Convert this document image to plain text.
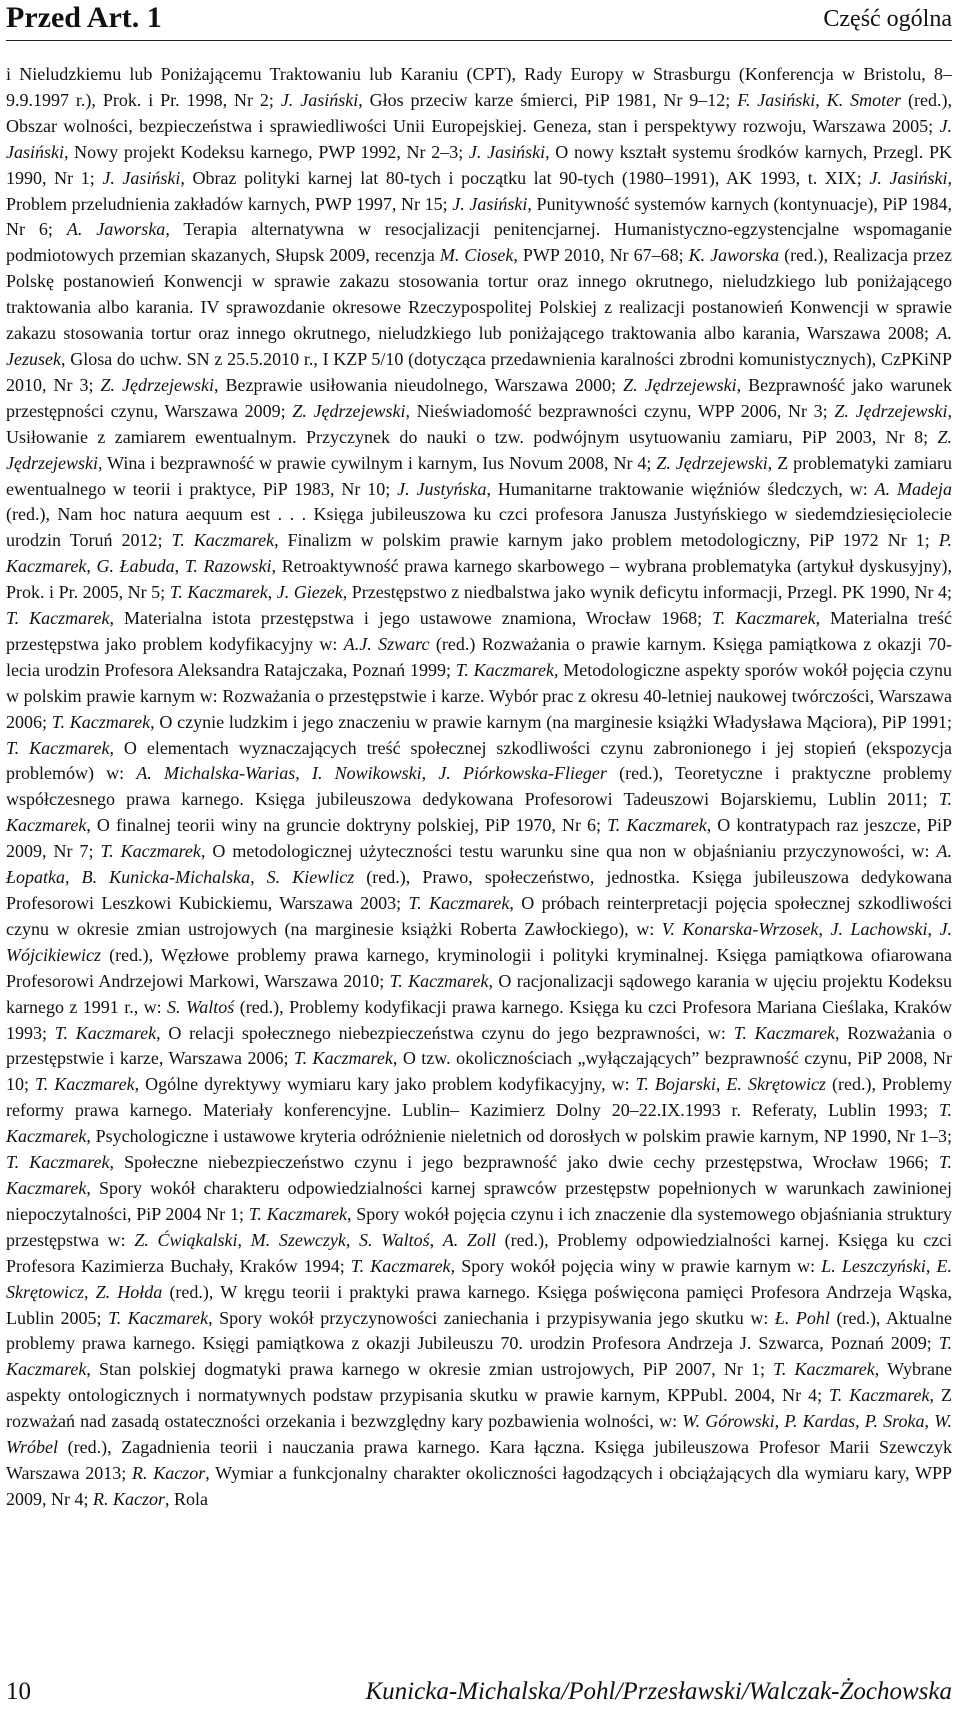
Przed Art. 1	Część ogólna

i Nieludzkiemu lub Poniżającemu Traktowaniu lub Karaniu (CPT), Rady Europy w Strasburgu (Konferencja w Bristolu, 8–9.9.1997 r.), Prok. i Pr. 1998, Nr 2; J. Jasiński, Głos przeciw karze śmierci, PiP 1981, Nr 9–12; F. Jasiński, K. Smoter (red.), Obszar wolności, bezpieczeństwa i sprawiedliwości Unii Europejskiej. Geneza, stan i perspektywy rozwoju, Warszawa 2005; J. Jasiński, Nowy projekt Kodeksu karnego, PWP 1992, Nr 2–3; J. Jasiński, O nowy kształt systemu środków karnych, Przegl. PK 1990, Nr 1; J. Jasiński, Obraz polityki karnej lat 80-tych i początku lat 90-tych (1980–1991), AK 1993, t. XIX; J. Jasiński, Problem przeludnienia zakładów karnych, PWP 1997, Nr 15; J. Jasiński, Punitywność systemów karnych (kontynuacje), PiP 1984, Nr 6; A. Jaworska, Terapia alternatywna w resocjalizacji penitencjarnej. Humanistyczno-egzystencjalne wspomaganie podmiotowych przemian skazanych, Słupsk 2009, recenzja M. Ciosek, PWP 2010, Nr 67–68; K. Jaworska (red.), Realizacja przez Polskę postanowień Konwencji w sprawie zakazu stosowania tortur oraz innego okrutnego, nieludzkiego lub poniżającego traktowania albo karania. IV sprawozdanie okresowe Rzeczypospolitej Polskiej z realizacji postanowień Konwencji w sprawie zakazu stosowania tortur oraz innego okrutnego, nieludzkiego lub poniżającego traktowania albo karania, Warszawa 2008; A. Jezusek, Glosa do uchw. SN z 25.5.2010 r., I KZP 5/10 (dotycząca przedawnienia karalności zbrodni komunistycznych), CzPKiNP 2010, Nr 3; Z. Jędrzejewski, Bezprawie usiłowania nieudolnego, Warszawa 2000; Z. Jędrzejewski, Bezprawność jako warunek przestępności czynu, Warszawa 2009; Z. Jędrzejewski, Nieświadomość bezprawności czynu, WPP 2006, Nr 3; Z. Jędrzejewski, Usiłowanie z zamiarem ewentualnym. Przyczynek do nauki o tzw. podwójnym usytuowaniu zamiaru, PiP 2003, Nr 8; Z. Jędrzejewski, Wina i bezprawność w prawie cywilnym i karnym, Ius Novum 2008, Nr 4; Z. Jędrzejewski, Z problematyki zamiaru ewentualnego w teorii i praktyce, PiP 1983, Nr 10; J. Justyńska, Humanitarne traktowanie więźniów śledczych, w: A. Madeja (red.), Nam hoc natura aequum est . . . Księga jubileuszowa ku czci profesora Janusza Justyńskiego w siedemdziesięciolecie urodzin Toruń 2012; T. Kaczmarek, Finalizm w polskim prawie karnym jako problem metodologiczny, PiP 1972 Nr 1; P. Kaczmarek, G. Łabuda, T. Razowski, Retroaktywność prawa karnego skarbowego – wybrana problematyka (artykuł dyskusyjny), Prok. i Pr. 2005, Nr 5; T. Kaczmarek, J. Giezek, Przestępstwo z niedbalstwa jako wynik deficytu informacji, Przegl. PK 1990, Nr 4; T. Kaczmarek, Materialna istota przestępstwa i jego ustawowe znamiona, Wrocław 1968; T. Kaczmarek, Materialna treść przestępstwa jako problem kodyfikacyjny w: A.J. Szwarc (red.) Rozważania o prawie karnym. Księga pamiątkowa z okazji 70-lecia urodzin Profesora Aleksandra Ratajczaka, Poznań 1999; T. Kaczmarek, Metodologiczne aspekty sporów wokół pojęcia czynu w polskim prawie karnym w: Rozważania o przestępstwie i karze. Wybór prac z okresu 40-letniej naukowej twórczości, Warszawa 2006; T. Kaczmarek, O czynie ludzkim i jego znaczeniu w prawie karnym (na marginesie książki Władysława Mąciora), PiP 1991; T. Kaczmarek, O elementach wyznaczających treść społecznej szkodliwości czynu zabronionego i jej stopień (ekspozycja problemów) w: A. Michalska-Warias, I. Nowikowski, J. Piórkowska-Flieger (red.), Teoretyczne i praktyczne problemy współczesnego prawa karnego. Księga jubileuszowa dedykowana Profesorowi Tadeuszowi Bojarskiemu, Lublin 2011; T. Kaczmarek, O finalnej teorii winy na gruncie doktryny polskiej, PiP 1970, Nr 6; T. Kaczmarek, O kontratypach raz jeszcze, PiP 2009, Nr 7; T. Kaczmarek, O metodologicznej użyteczności testu warunku sine qua non w objaśnianiu przyczynowości, w: A. Łopatka, B. Kunicka-Michalska, S. Kiewlicz (red.), Prawo, społeczeństwo, jednostka. Księga jubileuszowa dedykowana Profesorowi Leszkowi Kubickiemu, Warszawa 2003; T. Kaczmarek, O próbach reinterpretacji pojęcia społecznej szkodliwości czynu w okresie zmian ustrojowych (na marginesie książki Roberta Zawłockiego), w: V. Konarska-Wrzosek, J. Lachowski, J. Wójcikiewicz (red.), Węzłowe problemy prawa karnego, kryminologii i polityki kryminalnej. Księga pamiątkowa ofiarowana Profesorowi Andrzejowi Markowi, Warszawa 2010; T. Kaczmarek, O racjonalizacji sądowego karania w ujęciu projektu Kodeksu karnego z 1991 r., w: S. Waltoś (red.), Problemy kodyfikacji prawa karnego. Księga ku czci Profesora Mariana Cieślaka, Kraków 1993; T. Kaczmarek, O relacji społecznego niebezpieczeństwa czynu do jego bezprawności, w: T. Kaczmarek, Rozważania o przestępstwie i karze, Warszawa 2006; T. Kaczmarek, O tzw. okolicznościach „wyłączających” bezprawność czynu, PiP 2008, Nr 10; T. Kaczmarek, Ogólne dyrektywy wymiaru kary jako problem kodyfikacyjny, w: T. Bojarski, E. Skrętowicz (red.), Problemy reformy prawa karnego. Materiały konferencyjne. Lublin– Kazimierz Dolny 20–22.IX.1993 r. Referaty, Lublin 1993; T. Kaczmarek, Psychologiczne i ustawowe kryteria odróżnienie nieletnich od dorosłych w polskim prawie karnym, NP 1990, Nr 1–3; T. Kaczmarek, Społeczne niebezpieczeństwo czynu i jego bezprawność jako dwie cechy przestępstwa, Wrocław 1966; T. Kaczmarek, Spory wokół charakteru odpowiedzialności karnej sprawców przestępstw popełnionych w warunkach zawinionej niepoczytalności, PiP 2004 Nr 1; T. Kaczmarek, Spory wokół pojęcia czynu i ich znaczenie dla systemowego objaśniania struktury przestępstwa w: Z. Ćwiąkalski, M. Szewczyk, S. Waltoś, A. Zoll (red.), Problemy odpowiedzialności karnej. Księga ku czci Profesora Kazimierza Buchały, Kraków 1994; T. Kaczmarek, Spory wokół pojęcia winy w prawie karnym w: L. Leszczyński, E. Skrętowicz, Z. Hołda (red.), W kręgu teorii i praktyki prawa karnego. Księga poświęcona pamięci Profesora Andrzeja Wąska, Lublin 2005; T. Kaczmarek, Spory wokół przyczynowości zaniechania i przypisywania jego skutku w: Ł. Pohl (red.), Aktualne problemy prawa karnego. Księgi pamiątkowa z okazji Jubileuszu 70. urodzin Profesora Andrzeja J. Szwarca, Poznań 2009; T. Kaczmarek, Stan polskiej dogmatyki prawa karnego w okresie zmian ustrojowych, PiP 2007, Nr 1; T. Kaczmarek, Wybrane aspekty ontologicznych i normatywnych podstaw przypisania skutku w prawie karnym, KPPubl. 2004, Nr 4; T. Kaczmarek, Z rozważań nad zasadą ostateczności orzekania i bezwzględny kary pozbawienia wolności, w: W. Górowski, P. Kardas, P. Sroka, W. Wróbel (red.), Zagadnienia teorii i nauczania prawa karnego. Kara łączna. Księga jubileuszowa Profesor Marii Szewczyk Warszawa 2013; R. Kaczor, Wymiar a funkcjonalny charakter okoliczności łagodzących i obciążających dla wymiaru kary, WPP 2009, Nr 4; R. Kaczor, Rola

10	Kunicka-Michalska/Pohl/Przesławski/Walczak-Żochowska
